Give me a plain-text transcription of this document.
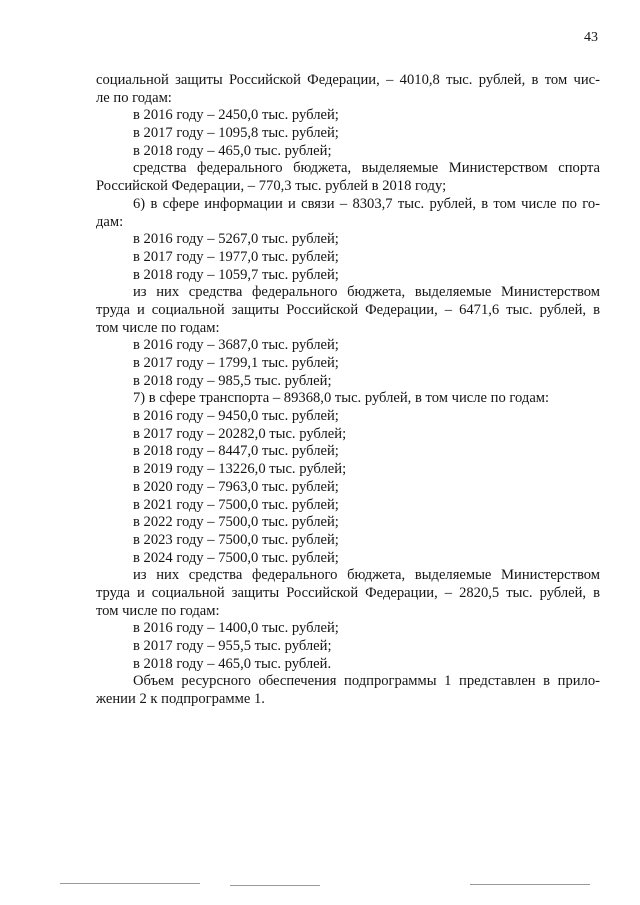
43
социальной защиты Российской Федерации, – 4010,8 тыс. рублей, в том чис-
ле по годам:
в 2016 году – 2450,0 тыс. рублей;
в 2017 году – 1095,8 тыс. рублей;
в 2018 году – 465,0 тыс. рублей;
средства федерального бюджета, выделяемые Министерством спорта
Российской Федерации, – 770,3 тыс. рублей в 2018 году;
6) в сфере информации и связи – 8303,7 тыс. рублей, в том числе по го-
дам:
в 2016 году – 5267,0 тыс. рублей;
в 2017 году – 1977,0 тыс. рублей;
в 2018 году – 1059,7 тыс. рублей;
из них средства федерального бюджета, выделяемые Министерством
труда и социальной защиты Российской Федерации, – 6471,6 тыс. рублей, в
том числе по годам:
в 2016 году – 3687,0 тыс. рублей;
в 2017 году – 1799,1 тыс. рублей;
в 2018 году – 985,5 тыс. рублей;
7) в сфере транспорта – 89368,0 тыс. рублей, в том числе по годам:
в 2016 году – 9450,0 тыс. рублей;
в 2017 году – 20282,0 тыс. рублей;
в 2018 году – 8447,0 тыс. рублей;
в 2019 году – 13226,0 тыс. рублей;
в 2020 году – 7963,0 тыс. рублей;
в 2021 году – 7500,0 тыс. рублей;
в 2022 году – 7500,0 тыс. рублей;
в 2023 году – 7500,0 тыс. рублей;
в 2024 году – 7500,0 тыс. рублей;
из них средства федерального бюджета, выделяемые Министерством
труда и социальной защиты Российской Федерации, – 2820,5 тыс. рублей, в
том числе по годам:
в 2016 году – 1400,0 тыс. рублей;
в 2017 году – 955,5 тыс. рублей;
в 2018 году – 465,0 тыс. рублей.
Объем ресурсного обеспечения подпрограммы 1 представлен в прило-
жении 2 к подпрограмме 1.
